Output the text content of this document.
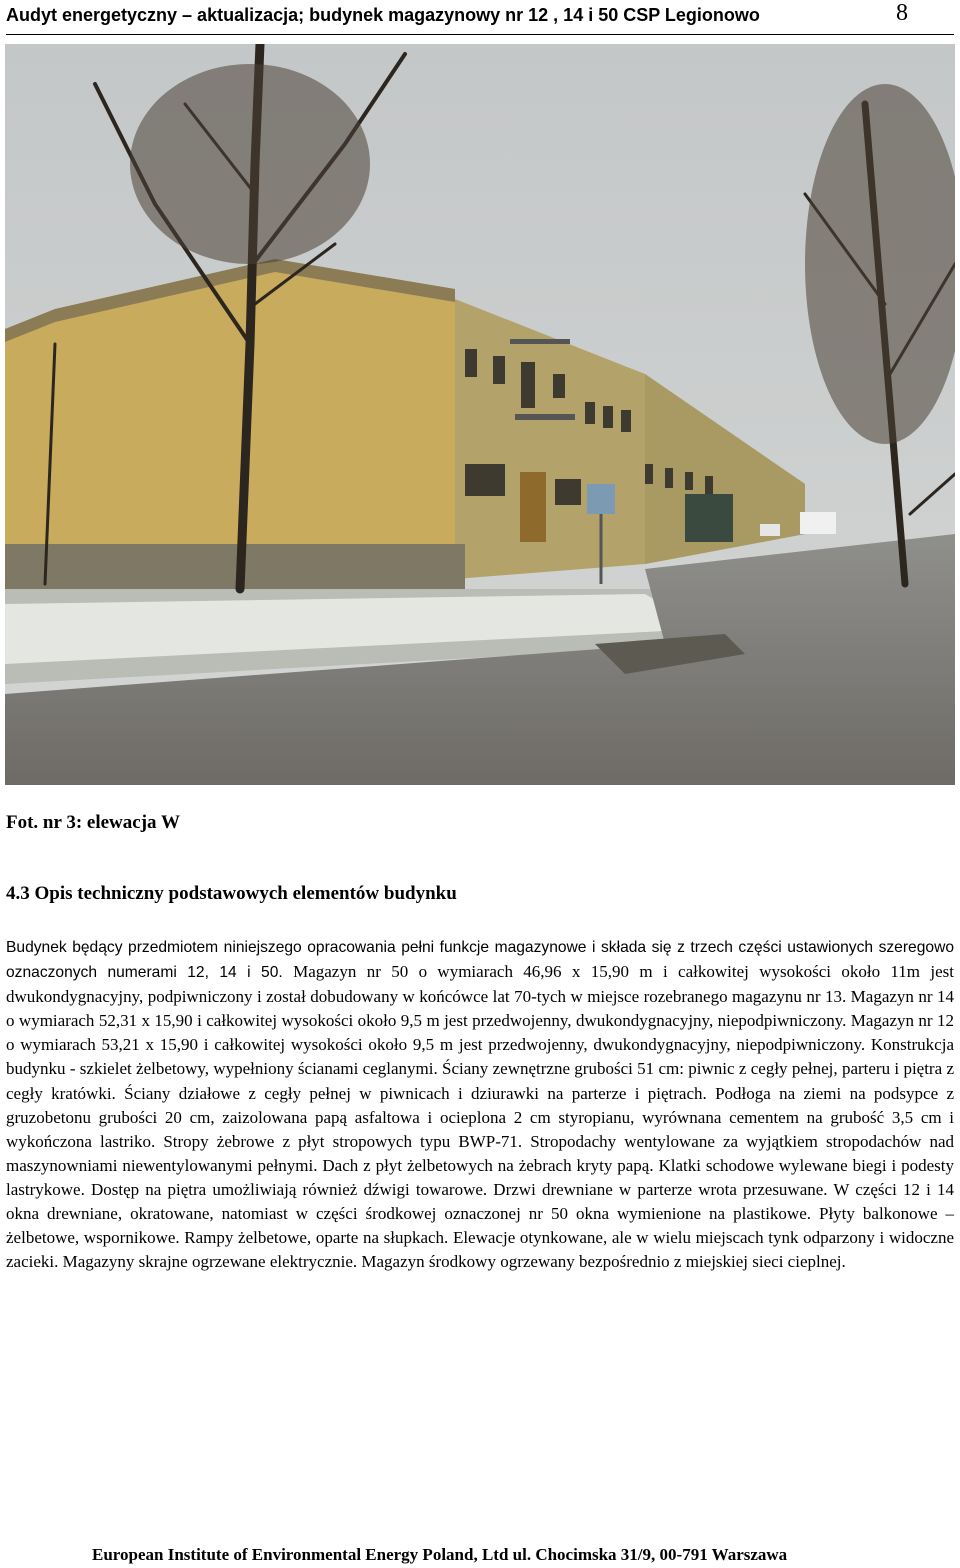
Audyt energetyczny – aktualizacja; budynek magazynowy nr 12 , 14 i 50 CSP Legionowo	8
Fot. nr 3: elewacja W
4.3 Opis techniczny podstawowych elementów budynku

Budynek będący przedmiotem niniejszego opracowania pełni funkcje magazynowe i składa się z trzech części ustawionych szeregowo oznaczonych numerami 12, 14 i 50. Magazyn nr 50 o wymiarach 46,96 x 15,90 m i całkowitej wysokości około 11m jest dwukondygnacyjny, podpiwniczony i został dobudowany w końcówce lat 70-tych w miejsce rozebranego magazynu nr 13. Magazyn nr 14 o wymiarach 52,31 x 15,90 i całkowitej wysokości około 9,5 m jest przedwojenny, dwukondygnacyjny, niepodpiwniczony. Magazyn nr 12 o wymiarach 53,21 x 15,90 i całkowitej wysokości około 9,5 m jest przedwojenny, dwukondygnacyjny, niepodpiwniczony. Konstrukcja budynku - szkielet żelbetowy, wypełniony ścianami ceglanymi. Ściany zewnętrzne grubości 51 cm: piwnic z cegły pełnej, parteru i piętra z cegły kratówki. Ściany działowe z cegły pełnej w piwnicach i dziurawki na parterze i piętrach. Podłoga na ziemi na podsypce z gruzobetonu grubości 20 cm, zaizolowana papą asfaltowa i ocieplona 2 cm styropianu, wyrównana cementem na grubość 3,5 cm i wykończona lastriko. Stropy żebrowe z płyt stropowych typu BWP-71. Stropodachy wentylowane za wyjątkiem stropodachów nad maszynowniami niewentylowanymi pełnymi. Dach z płyt żelbetowych na żebrach kryty papą. Klatki schodowe wylewane biegi i podesty lastrykowe. Dostęp na piętra umożliwiają również dźwigi towarowe. Drzwi drewniane w parterze wrota przesuwane. W części 12 i 14 okna drewniane, okratowane, natomiast w części środkowej oznaczonej nr 50 okna wymienione na plastikowe. Płyty balkonowe – żelbetowe, wspornikowe. Rampy żelbetowe, oparte na słupkach. Elewacje otynkowane, ale w wielu miejscach tynk odparzony i widoczne zacieki. Magazyny skrajne ogrzewane elektrycznie. Magazyn środkowy ogrzewany bezpośrednio z miejskiej sieci cieplnej.

European Institute of Environmental Energy Poland, Ltd ul. Chocimska 31/9, 00-791 Warszawa
